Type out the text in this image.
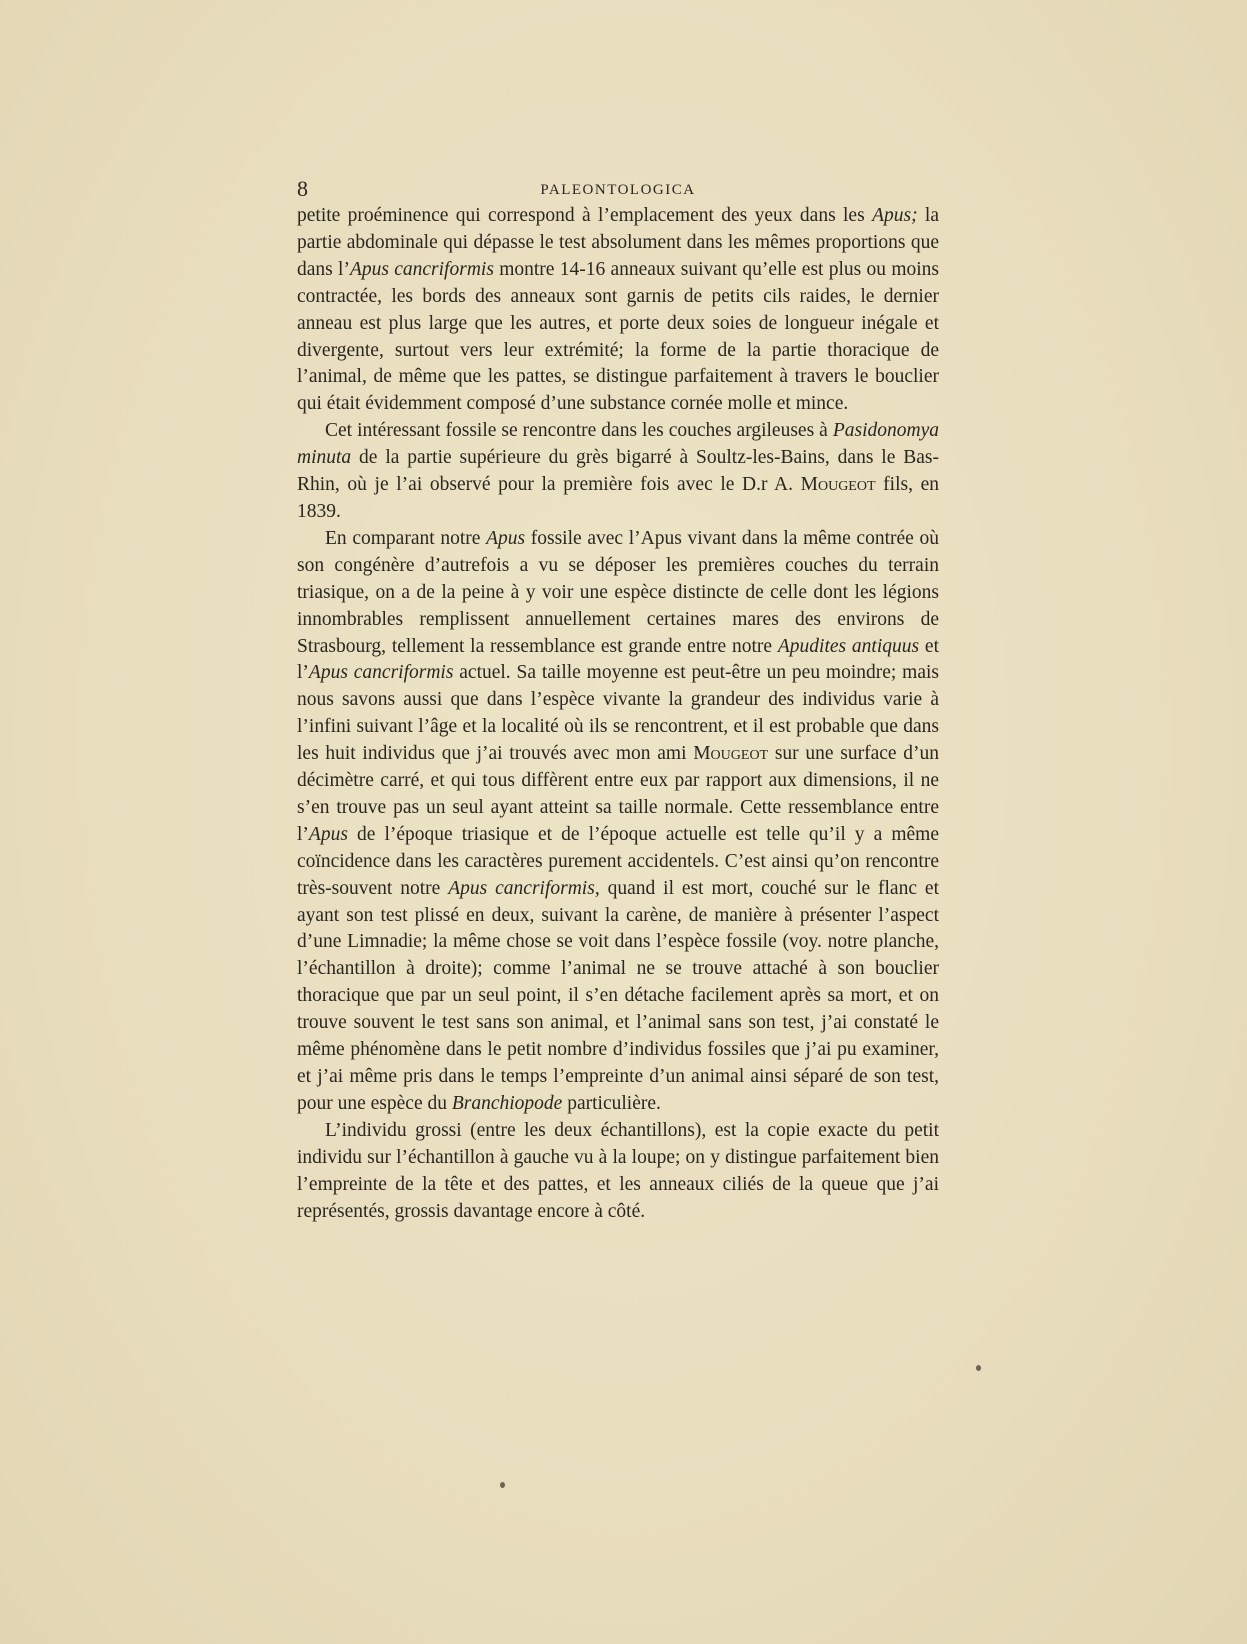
8	PALEONTOLOGICA

petite proéminence qui correspond à l’emplacement des yeux dans les Apus; la partie abdominale qui dépasse le test absolument dans les mêmes proportions que dans l’Apus cancriformis montre 14-16 anneaux suivant qu’elle est plus ou moins contractée, les bords des anneaux sont garnis de petits cils raides, le dernier anneau est plus large que les autres, et porte deux soies de longueur inégale et divergente, surtout vers leur extrémité; la forme de la partie thoracique de l’animal, de même que les pattes, se distingue parfaitement à travers le bouclier qui était évidemment composé d’une substance cornée molle et mince.

Cet intéressant fossile se rencontre dans les couches argileuses à Pasidonomya minuta de la partie supérieure du grès bigarré à Soultz-les-Bains, dans le Bas-Rhin, où je l’ai observé pour la première fois avec le D.r A. Mougeot fils, en 1839.

En comparant notre Apus fossile avec l’Apus vivant dans la même contrée où son congénère d’autrefois a vu se déposer les premières couches du terrain triasique, on a de la peine à y voir une espèce distincte de celle dont les légions innombrables remplissent annuellement certaines mares des environs de Strasbourg, tellement la ressemblance est grande entre notre Apudites antiquus et l’Apus cancriformis actuel. Sa taille moyenne est peut-être un peu moindre; mais nous savons aussi que dans l’espèce vivante la grandeur des individus varie à l’infini suivant l’âge et la localité où ils se rencontrent, et il est probable que dans les huit individus que j’ai trouvés avec mon ami Mougeot sur une surface d’un décimètre carré, et qui tous diffèrent entre eux par rapport aux dimensions, il ne s’en trouve pas un seul ayant atteint sa taille normale. Cette ressemblance entre l’Apus de l’époque triasique et de l’époque actuelle est telle qu’il y a même coïncidence dans les caractères purement accidentels. C’est ainsi qu’on rencontre très-souvent notre Apus cancriformis, quand il est mort, couché sur le flanc et ayant son test plissé en deux, suivant la carène, de manière à présenter l’aspect d’une Limnadie; la même chose se voit dans l’espèce fossile (voy. notre planche, l’échantillon à droite); comme l’animal ne se trouve attaché à son bouclier thoracique que par un seul point, il s’en détache facilement après sa mort, et on trouve souvent le test sans son animal, et l’animal sans son test, j’ai constaté le même phénomène dans le petit nombre d’individus fossiles que j’ai pu examiner, et j’ai même pris dans le temps l’empreinte d’un animal ainsi séparé de son test, pour une espèce du Branchiopode particulière.

L’individu grossi (entre les deux échantillons), est la copie exacte du petit individu sur l’échantillon à gauche vu à la loupe; on y distingue parfaitement bien l’empreinte de la tête et des pattes, et les anneaux ciliés de la queue que j’ai représentés, grossis davantage encore à côté.
